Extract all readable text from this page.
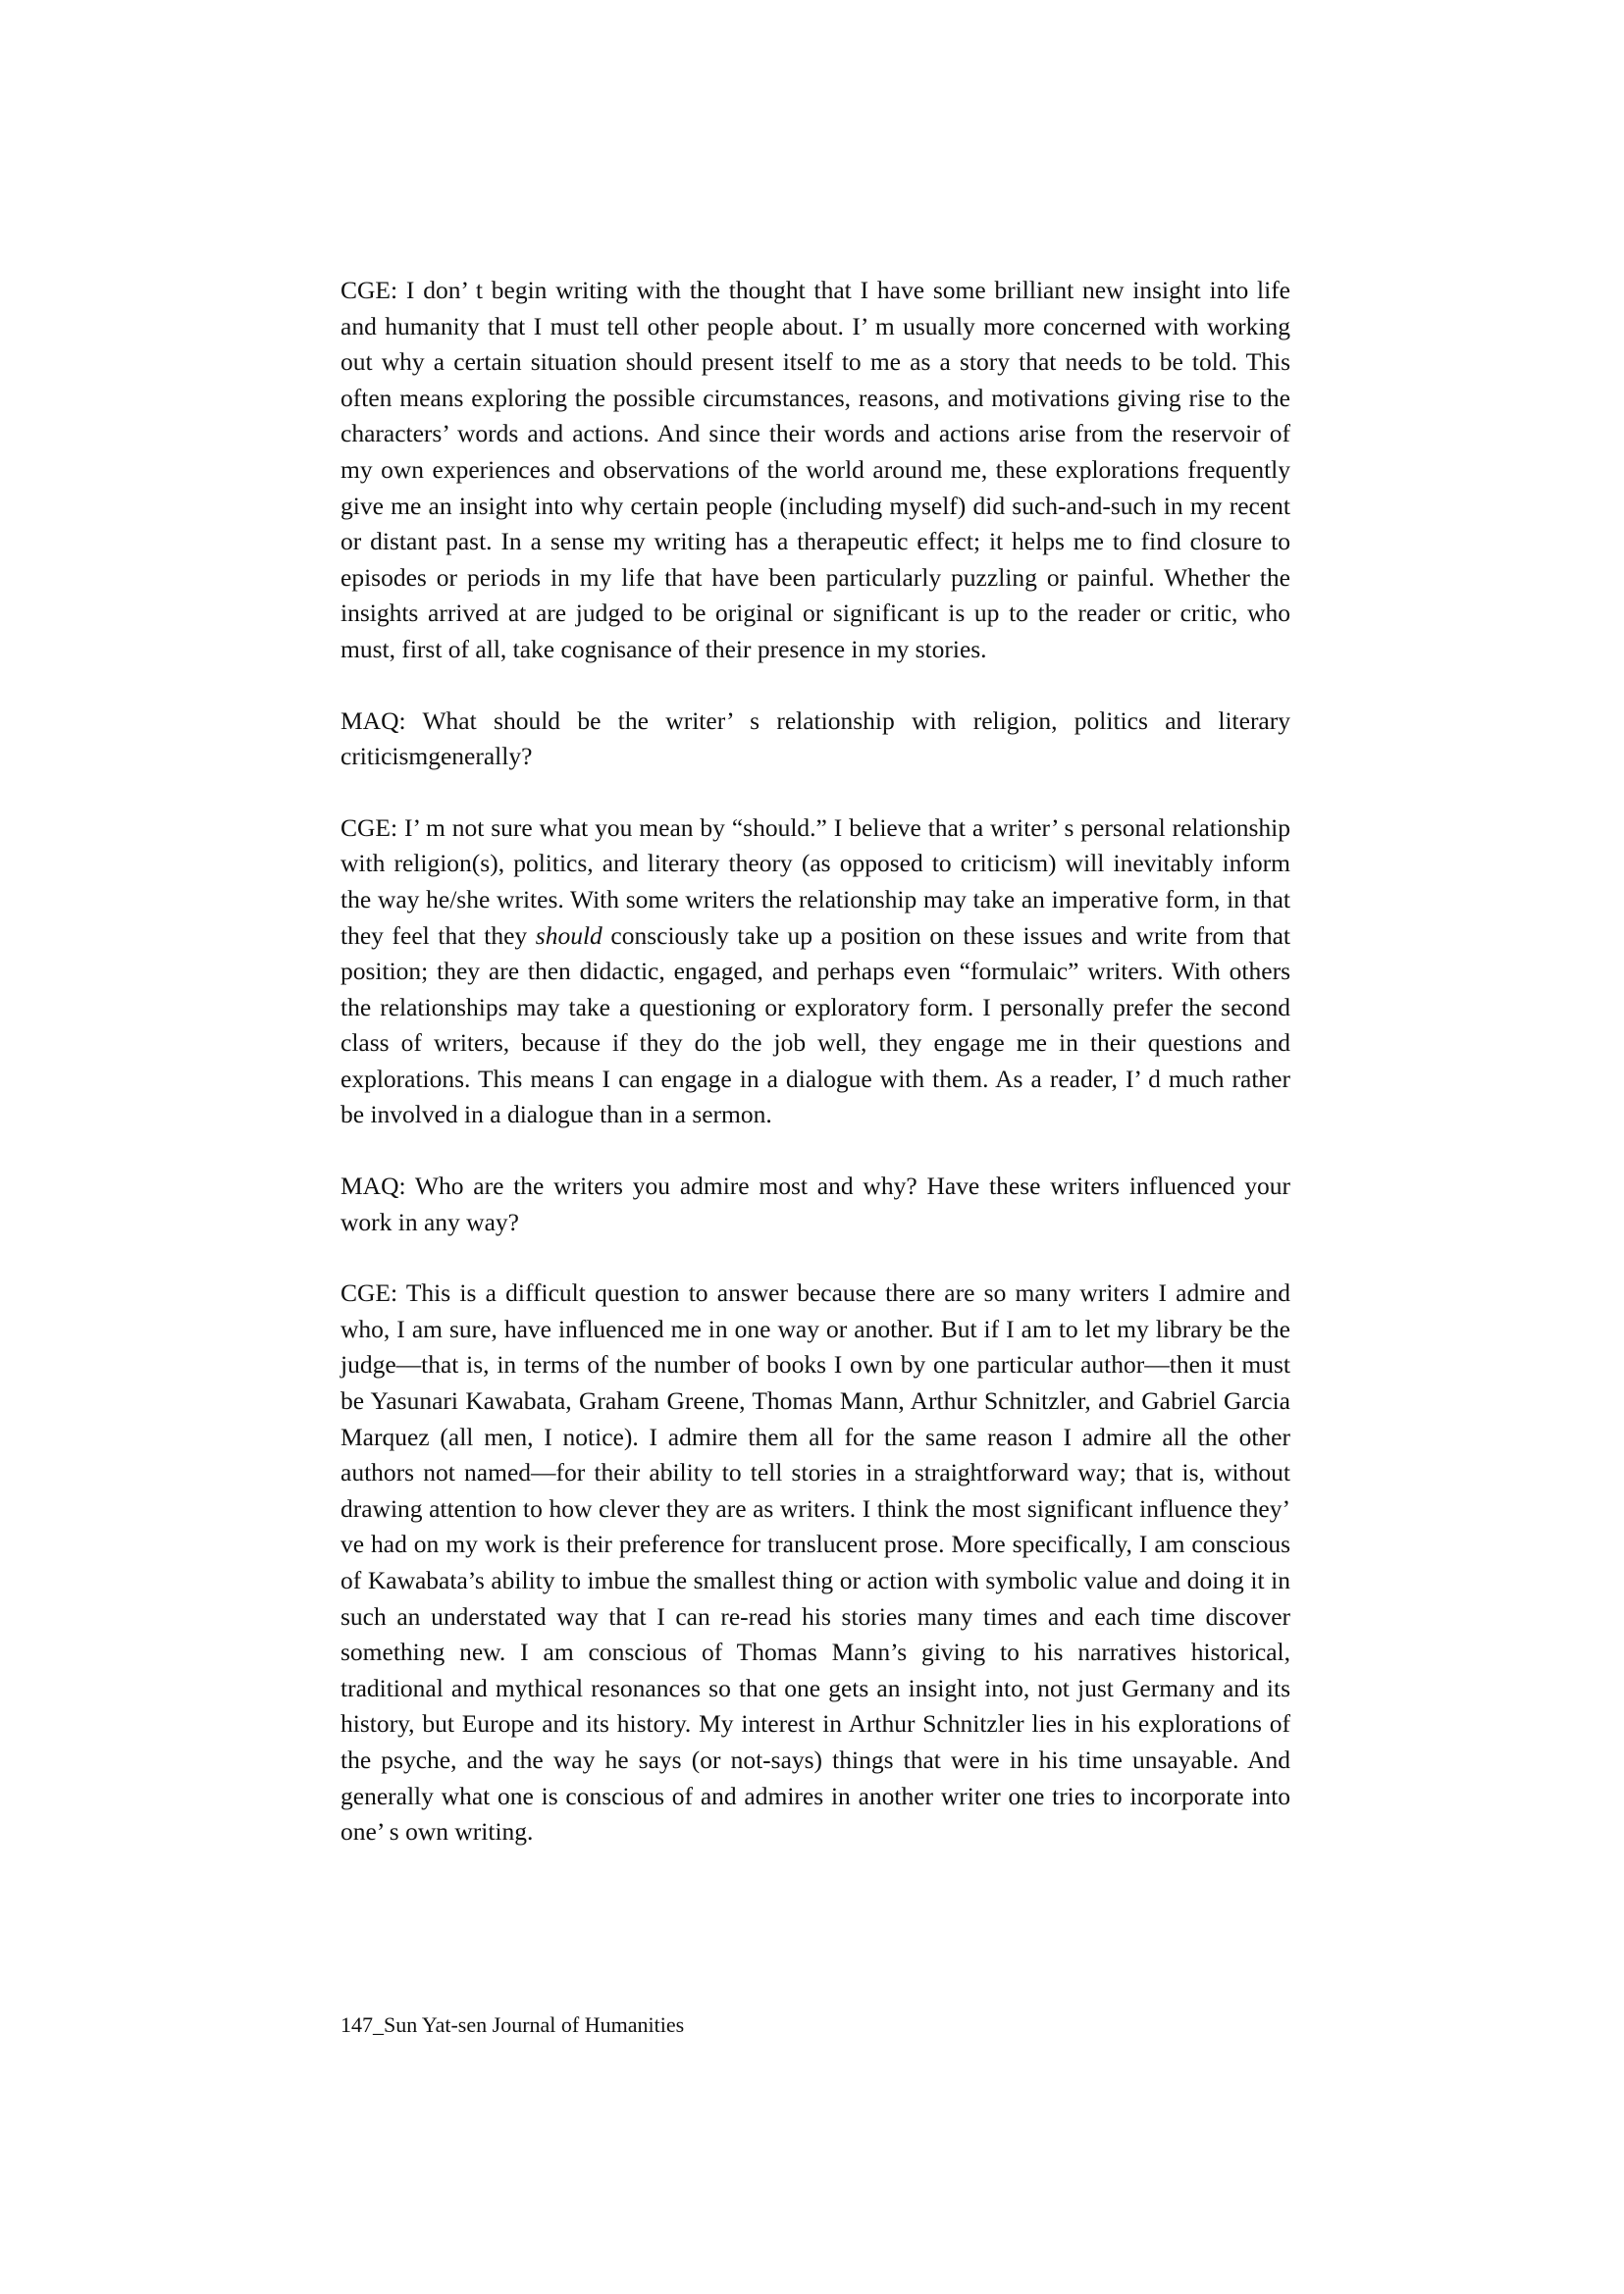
CGE: I don’ t begin writing with the thought that I have some brilliant new insight into life and humanity that I must tell other people about. I’ m usually more concerned with working out why a certain situation should present itself to me as a story that needs to be told. This often means exploring the possible circumstances, reasons, and motivations giving rise to the characters’ words and actions. And since their words and actions arise from the reservoir of my own experiences and observations of the world around me, these explorations frequently give me an insight into why certain people (including myself) did such-and-such in my recent or distant past. In a sense my writing has a therapeutic effect; it helps me to find closure to episodes or periods in my life that have been particularly puzzling or painful. Whether the insights arrived at are judged to be original or significant is up to the reader or critic, who must, first of all, take cognisance of their presence in my stories.

MAQ: What should be the writer’ s relationship with religion, politics and literary criticismgenerally?

CGE: I’ m not sure what you mean by “should.” I believe that a writer’ s personal relationship with religion(s), politics, and literary theory (as opposed to criticism) will inevitably inform the way he/she writes. With some writers the relationship may take an imperative form, in that they feel that they should consciously take up a position on these issues and write from that position; they are then didactic, engaged, and perhaps even “formulaic” writers. With others the relationships may take a questioning or exploratory form. I personally prefer the second class of writers, because if they do the job well, they engage me in their questions and explorations. This means I can engage in a dialogue with them. As a reader, I’ d much rather be involved in a dialogue than in a sermon.

MAQ: Who are the writers you admire most and why? Have these writers influenced your work in any way?

CGE: This is a difficult question to answer because there are so many writers I admire and who, I am sure, have influenced me in one way or another. But if I am to let my library be the judge—that is, in terms of the number of books I own by one particular author—then it must be Yasunari Kawabata, Graham Greene, Thomas Mann, Arthur Schnitzler, and Gabriel Garcia Marquez (all men, I notice). I admire them all for the same reason I admire all the other authors not named—for their ability to tell stories in a straightforward way; that is, without drawing attention to how clever they are as writers. I think the most significant influence they’ ve had on my work is their preference for translucent prose. More specifically, I am conscious of Kawabata’s ability to imbue the smallest thing or action with symbolic value and doing it in such an understated way that I can re-read his stories many times and each time discover something new. I am conscious of Thomas Mann’s giving to his narratives historical, traditional and mythical resonances so that one gets an insight into, not just Germany and its history, but Europe and its history. My interest in Arthur Schnitzler lies in his explorations of the psyche, and the way he says (or not-says) things that were in his time unsayable. And generally what one is conscious of and admires in another writer one tries to incorporate into one’ s own writing.

147_Sun Yat-sen Journal of Humanities
